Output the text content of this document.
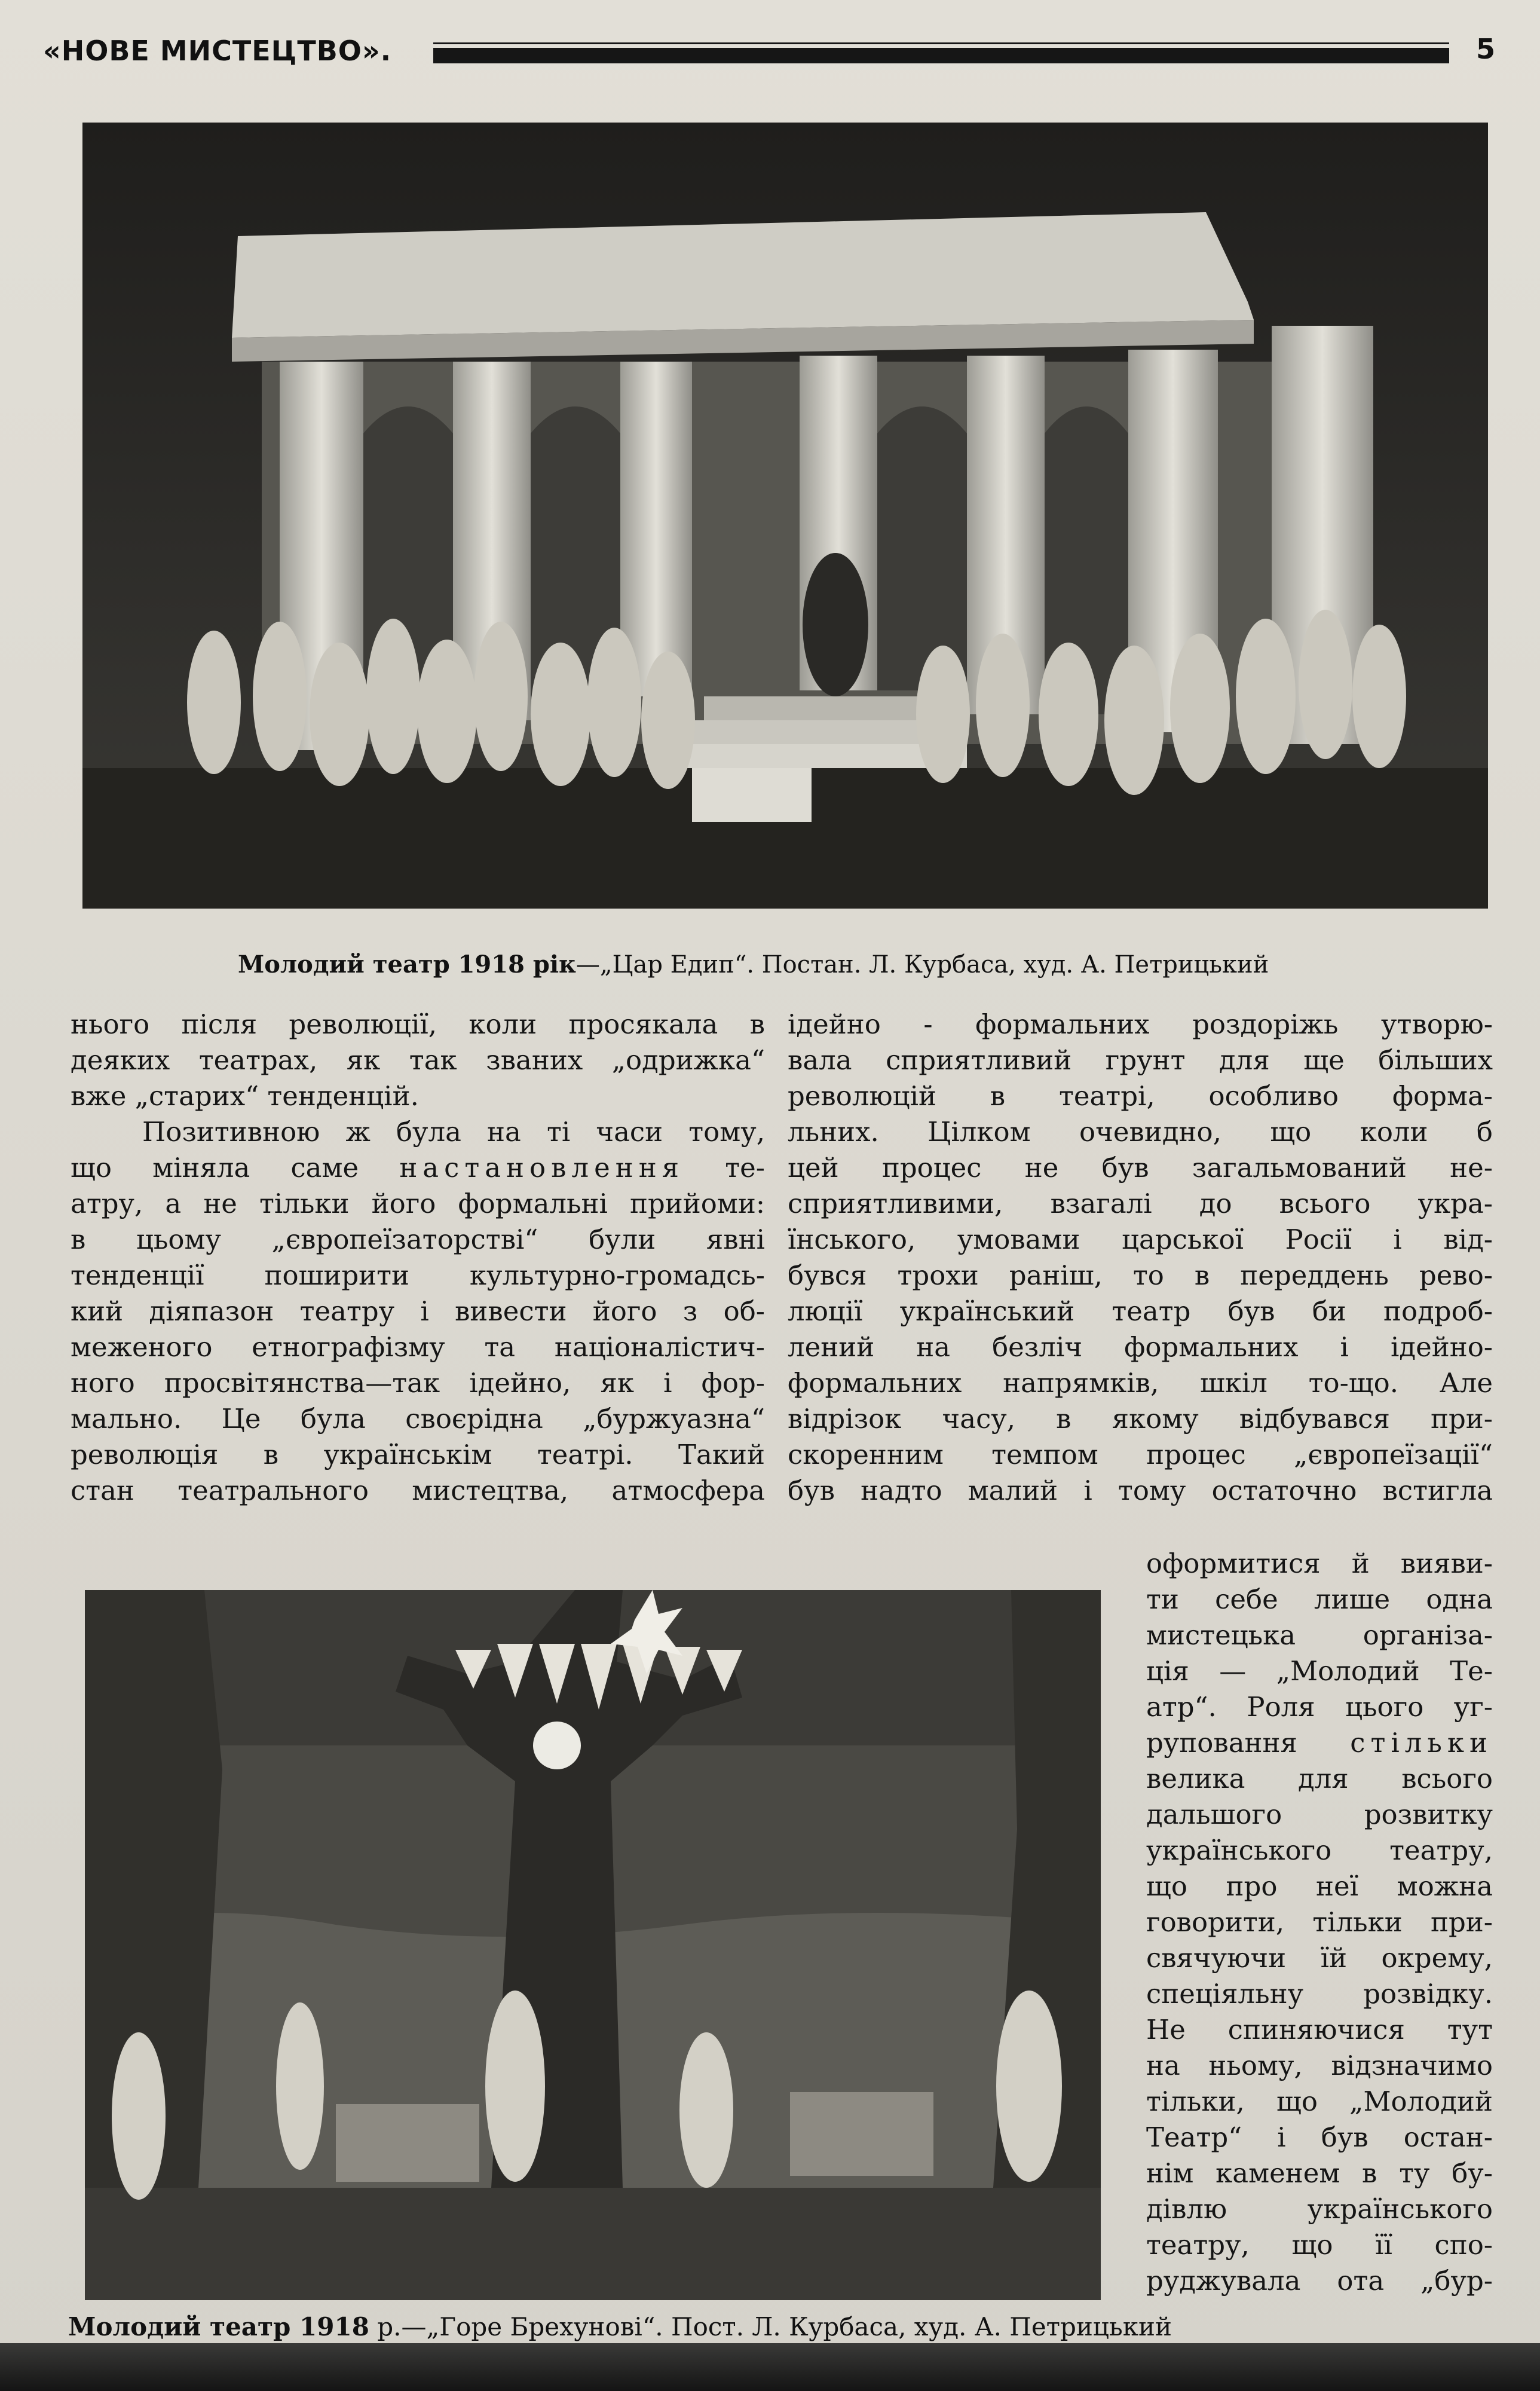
«НОВЕ МИСТЕЦТВО».	5
Молодий театр 1918 рік—„Цар Едип“. Постан. Л. Курбаса, худ. А. Петрицький
нього після революції, коли просякала в
деяких театрах, як так званих „одрижка“
вже „старих“ тенденцій.
Позитивною ж була на ті часи тому,
що міняла саме настановлення те-
атру, а не тільки його формальні прийоми:
в цьому „європеїзаторстві“ були явні
тенденції поширити культурно-громадсь-
кий діяпазон театру і вивести його з об-
меженого етнографізму та націоналістич-
ного просвітянства—так ідейно, як і фор-
мально. Це була своєрідна „буржуазна“
революція в українськім театрі. Такий
стан театрального мистецтва, атмосфера
ідейно - формальних роздоріжь утворю-
вала сприятливий грунт для ще більших
революцій в театрі, особливо форма-
льних. Цілком очевидно, що коли б
цей процес не був загальмований не-
сприятливими, взагалі до всього укра-
їнського, умовами царської Росії і від-
бувся трохи раніш, то в переддень рево-
люції український театр був би подроб-
лений на безліч формальних і ідейно-
формальних напрямків, шкіл то-що. Але
відрізок часу, в якому відбувався при-
скоренним темпом процес „європеїзації“
був надто малий і тому остаточно встигла
оформитися й вияви-
ти себе лише одна
мистецька організа-
ція — „Молодий Те-
атр“. Роля цього уг-
руповання стільки
велика для всього
дальшого розвитку
українського театру,
що про неї можна
говорити, тільки при-
свячуючи їй окрему,
спеціяльну розвідку.
Не спиняючися тут
на ньому, відзначимо
тільки, що „Молодий
Театр“ і був остан-
нім каменем в ту бу-
дівлю українського
театру, що її спо-
руджувала ота „бур-
Молодий театр 1918 р.—„Горе Брехунові“. Пост. Л. Курбаса, худ. А. Петрицький
